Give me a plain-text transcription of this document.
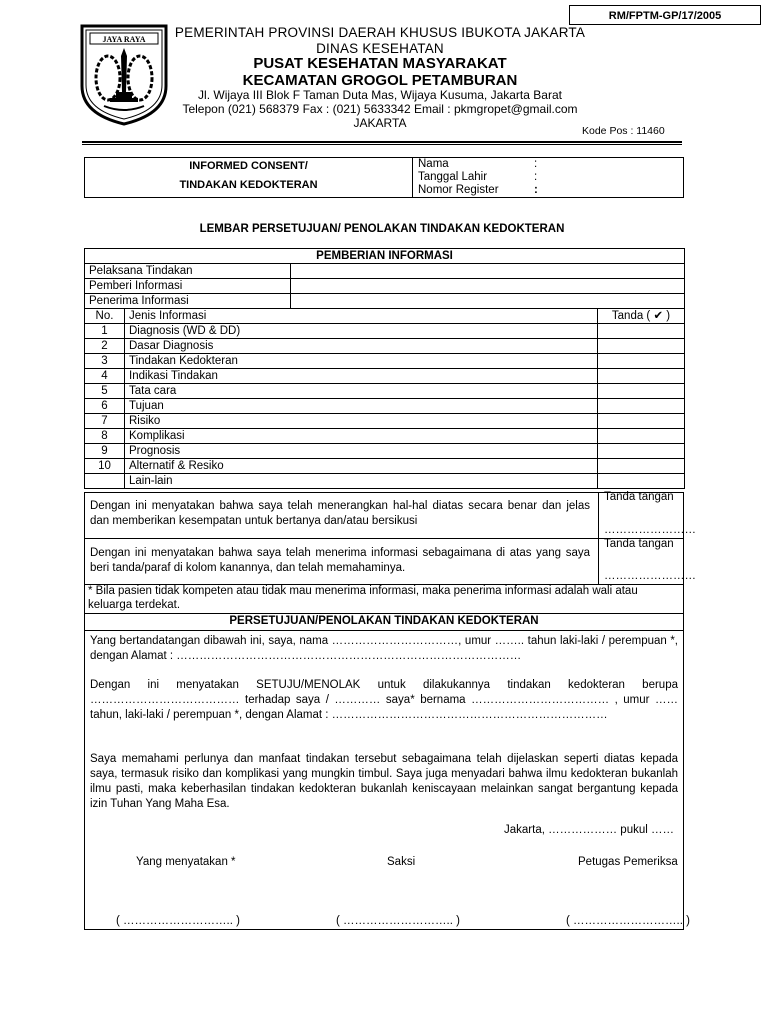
RM/FPTM-GP/17/2005
JAYA RAYA	PEMERINTAH PROVINSI DAERAH KHUSUS IBUKOTA JAKARTA
DINAS KESEHATAN
PUSAT KESEHATAN MASYARAKAT
KECAMATAN GROGOL PETAMBURAN
Jl. Wijaya III Blok F Taman Duta Mas, Wijaya Kusuma, Jakarta Barat
Telepon (021) 568379 Fax : (021) 5633342 Email : pkmgropet@gmail.com
JAKARTA
Kode Pos : 11460
INFORMED CONSENT/
TINDAKAN KEDOKTERAN
Nama	:
Tanggal Lahir	:
Nomor Register	:
LEMBAR PERSETUJUAN/ PENOLAKAN TINDAKAN KEDOKTERAN
PEMBERIAN INFORMASI			
Pelaksana Tindakan			
Pemberi Informasi			
Penerima Informasi			
No.	Jenis Informasi		Tanda ( ✔ )
1	Diagnosis (WD & DD)		
2	Dasar Diagnosis		
3	Tindakan Kedokteran		
4	Indikasi Tindakan		
5	Tata cara		
6	Tujuan		
7	Risiko		
8	Komplikasi		
9	Prognosis		
10	Alternatif & Resiko		
	Lain-lain		
Dengan ini menyatakan bahwa saya telah menerangkan hal-hal diatas secara benar dan jelas dan memberikan kesempatan untuk bertanya dan/atau bersikusi
Tanda tangan
……………………
Dengan ini menyatakan bahwa saya telah menerima informasi sebagaimana di atas yang saya beri tanda/paraf di kolom kanannya, dan telah memahaminya.
Tanda tangan
……………………
* Bila pasien tidak kompeten atau tidak mau menerima informasi, maka penerima informasi adalah wali atau keluarga terdekat.
PERSETUJUAN/PENOLAKAN TINDAKAN KEDOKTERAN
Yang bertandatangan dibawah ini, saya, nama ……………………………, umur …….. tahun laki-laki / perempuan *, dengan Alamat : ………………………………………………………………………………
Dengan ini menyatakan SETUJU/MENOLAK untuk dilakukannya tindakan kedokteran berupa ………………………………… terhadap saya / ………… saya* bernama ……………………………… , umur …… tahun, laki-laki / perempuan *, dengan Alamat : ………………………………………………………………
Saya memahami perlunya dan manfaat tindakan tersebut sebagaimana telah dijelaskan seperti diatas kepada saya, termasuk risiko dan komplikasi yang mungkin timbul. Saya juga menyadari bahwa ilmu kedokteran bukanlah ilmu pasti, maka keberhasilan tindakan kedokteran bukanlah keniscayaan melainkan sangat bergantung kepada izin Tuhan Yang Maha Esa.
Jakarta, ……………… pukul ……
Yang menyatakan *	Saksi	Petugas Pemeriksa
( ……………………….. )	( ……………………….. )	( ……………………….. )
